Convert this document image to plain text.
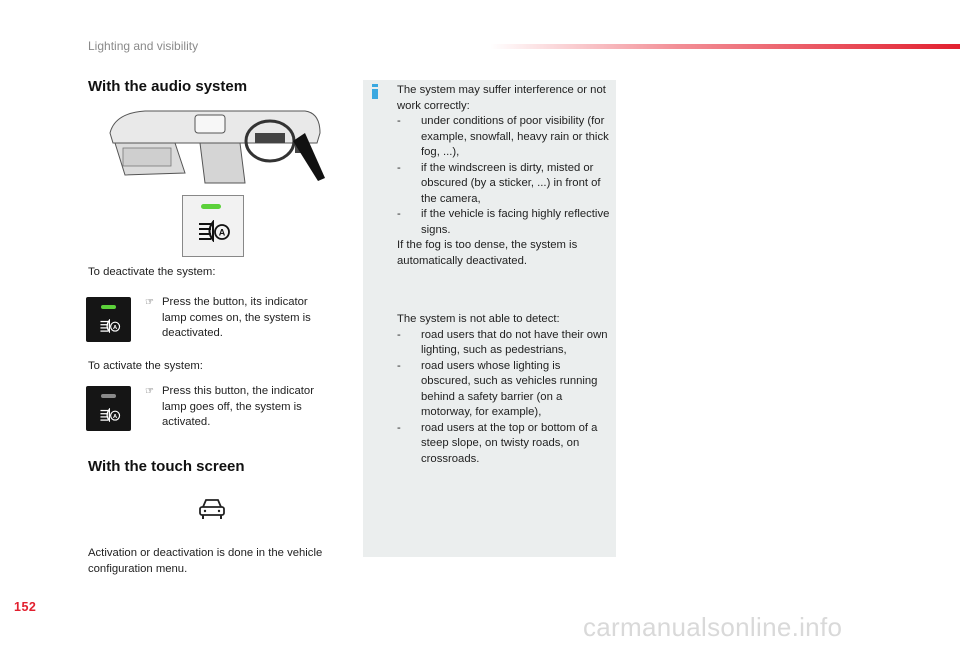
Lighting and visibility
With the audio system
A
To deactivate the system:
A
☞ Press the button, its indicator lamp comes on, the system is deactivated.
To activate the system:
A
☞ Press this button, the indicator lamp goes off, the system is activated.
With the touch screen
Activation or deactivation is done in the vehicle configuration menu.
The system may suffer interference or not work correctly:
- under conditions of poor visibility (for example, snowfall, heavy rain or thick fog, ...),
- if the windscreen is dirty, misted or obscured (by a sticker, ...) in front of the camera,
- if the vehicle is facing highly reflective signs.
If the fog is too dense, the system is automatically deactivated.
The system is not able to detect:
- road users that do not have their own lighting, such as pedestrians,
- road users whose lighting is obscured, such as vehicles running behind a safety barrier (on a motorway, for example),
- road users at the top or bottom of a steep slope, on twisty roads, on crossroads.
152
carmanualsonline.info
